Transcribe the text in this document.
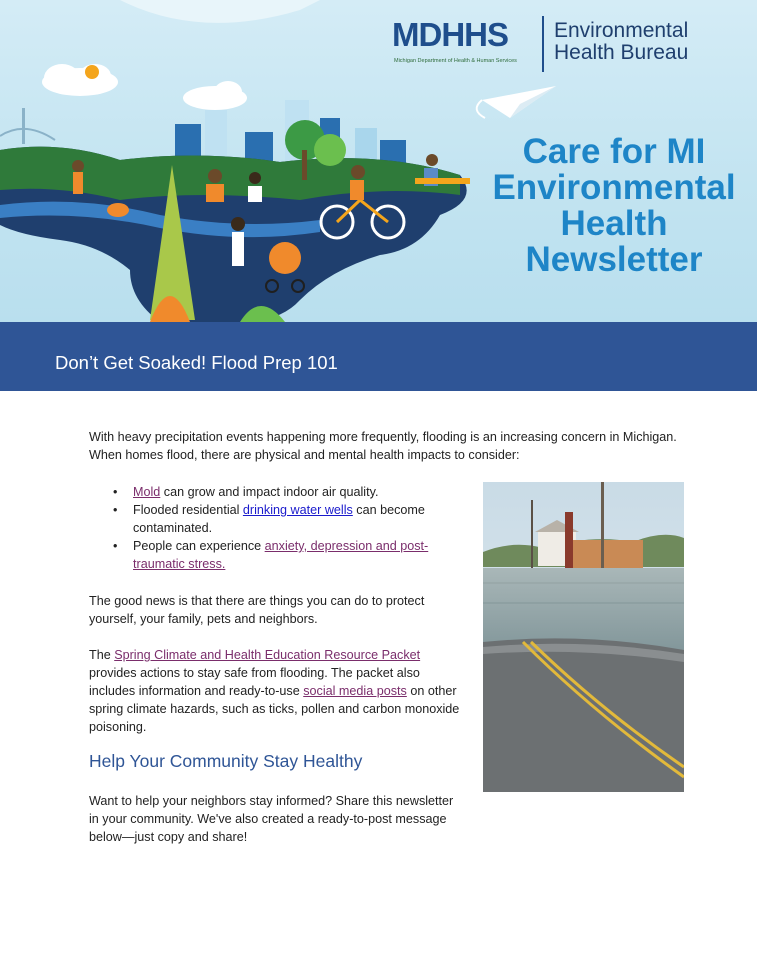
MDHHS
Michigan Department of Health & Human Services
Environmental
Health Bureau
Care for MI
Environmental
Health
Newsletter
Don’t Get Soaked! Flood Prep 101
With heavy precipitation events happening more frequently, flooding is an increasing concern in Michigan. When homes flood, there are physical and mental health impacts to consider:
• Mold can grow and impact indoor air quality.
• Flooded residential drinking water wells can become contaminated.
• People can experience anxiety, depression and post-traumatic stress.
The good news is that there are things you can do to protect yourself, your family, pets and neighbors.
The Spring Climate and Health Education Resource Packet provides actions to stay safe from flooding. The packet also includes information and ready-to-use social media posts on other spring climate hazards, such as ticks, pollen and carbon monoxide poisoning.
Help Your Community Stay Healthy
Want to help your neighbors stay informed? Share this newsletter in your community. We've also created a ready-to-post message below—just copy and share!
